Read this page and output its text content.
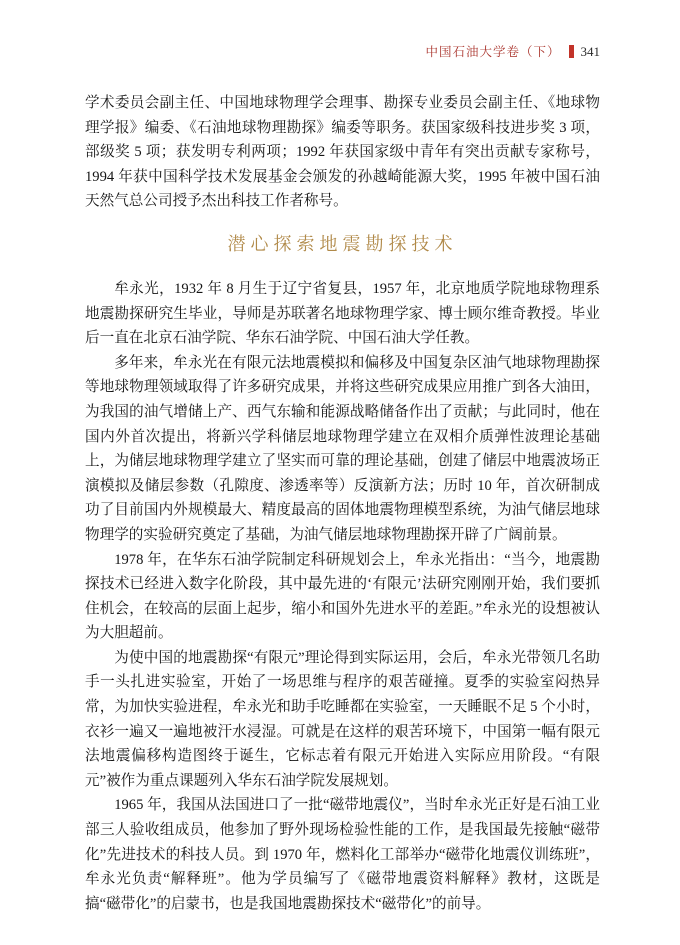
中国石油大学卷（下） 341

学术委员会副主任、中国地球物理学会理事、勘探专业委员会副主任、《地球物理学报》编委、《石油地球物理勘探》编委等职务。获国家级科技进步奖 3 项，部级奖 5 项；获发明专利两项；1992 年获国家级中青年有突出贡献专家称号，1994 年获中国科学技术发展基金会颁发的孙越崎能源大奖，1995 年被中国石油天然气总公司授予杰出科技工作者称号。

潜心探索地震勘探技术

牟永光，1932 年 8 月生于辽宁省复县，1957 年，北京地质学院地球物理系地震勘探研究生毕业，导师是苏联著名地球物理学家、博士顾尔维奇教授。毕业后一直在北京石油学院、华东石油学院、中国石油大学任教。

多年来，牟永光在有限元法地震模拟和偏移及中国复杂区油气地球物理勘探等地球物理领域取得了许多研究成果，并将这些研究成果应用推广到各大油田，为我国的油气增储上产、西气东输和能源战略储备作出了贡献；与此同时，他在国内外首次提出，将新兴学科储层地球物理学建立在双相介质弹性波理论基础上，为储层地球物理学建立了坚实而可靠的理论基础，创建了储层中地震波场正演模拟及储层参数（孔隙度、渗透率等）反演新方法；历时 10 年，首次研制成功了目前国内外规模最大、精度最高的固体地震物理模型系统，为油气储层地球物理学的实验研究奠定了基础，为油气储层地球物理勘探开辟了广阔前景。

1978 年，在华东石油学院制定科研规划会上，牟永光指出：“当今，地震勘探技术已经进入数字化阶段，其中最先进的‘有限元’法研究刚刚开始，我们要抓住机会，在较高的层面上起步，缩小和国外先进水平的差距。”牟永光的设想被认为大胆超前。

为使中国的地震勘探“有限元”理论得到实际运用，会后，牟永光带领几名助手一头扎进实验室，开始了一场思维与程序的艰苦碰撞。夏季的实验室闷热异常，为加快实验进程，牟永光和助手吃睡都在实验室，一天睡眠不足 5 个小时，衣衫一遍又一遍地被汗水浸湿。可就是在这样的艰苦环境下，中国第一幅有限元法地震偏移构造图终于诞生，它标志着有限元开始进入实际应用阶段。“有限元”被作为重点课题列入华东石油学院发展规划。

1965 年，我国从法国进口了一批“磁带地震仪”，当时牟永光正好是石油工业部三人验收组成员，他参加了野外现场检验性能的工作，是我国最先接触“磁带化”先进技术的科技人员。到 1970 年，燃料化工部举办“磁带化地震仪训练班”，牟永光负责“解释班”。他为学员编写了《磁带地震资料解释》教材，这既是搞“磁带化”的启蒙书，也是我国地震勘探技术“磁带化”的前导。
